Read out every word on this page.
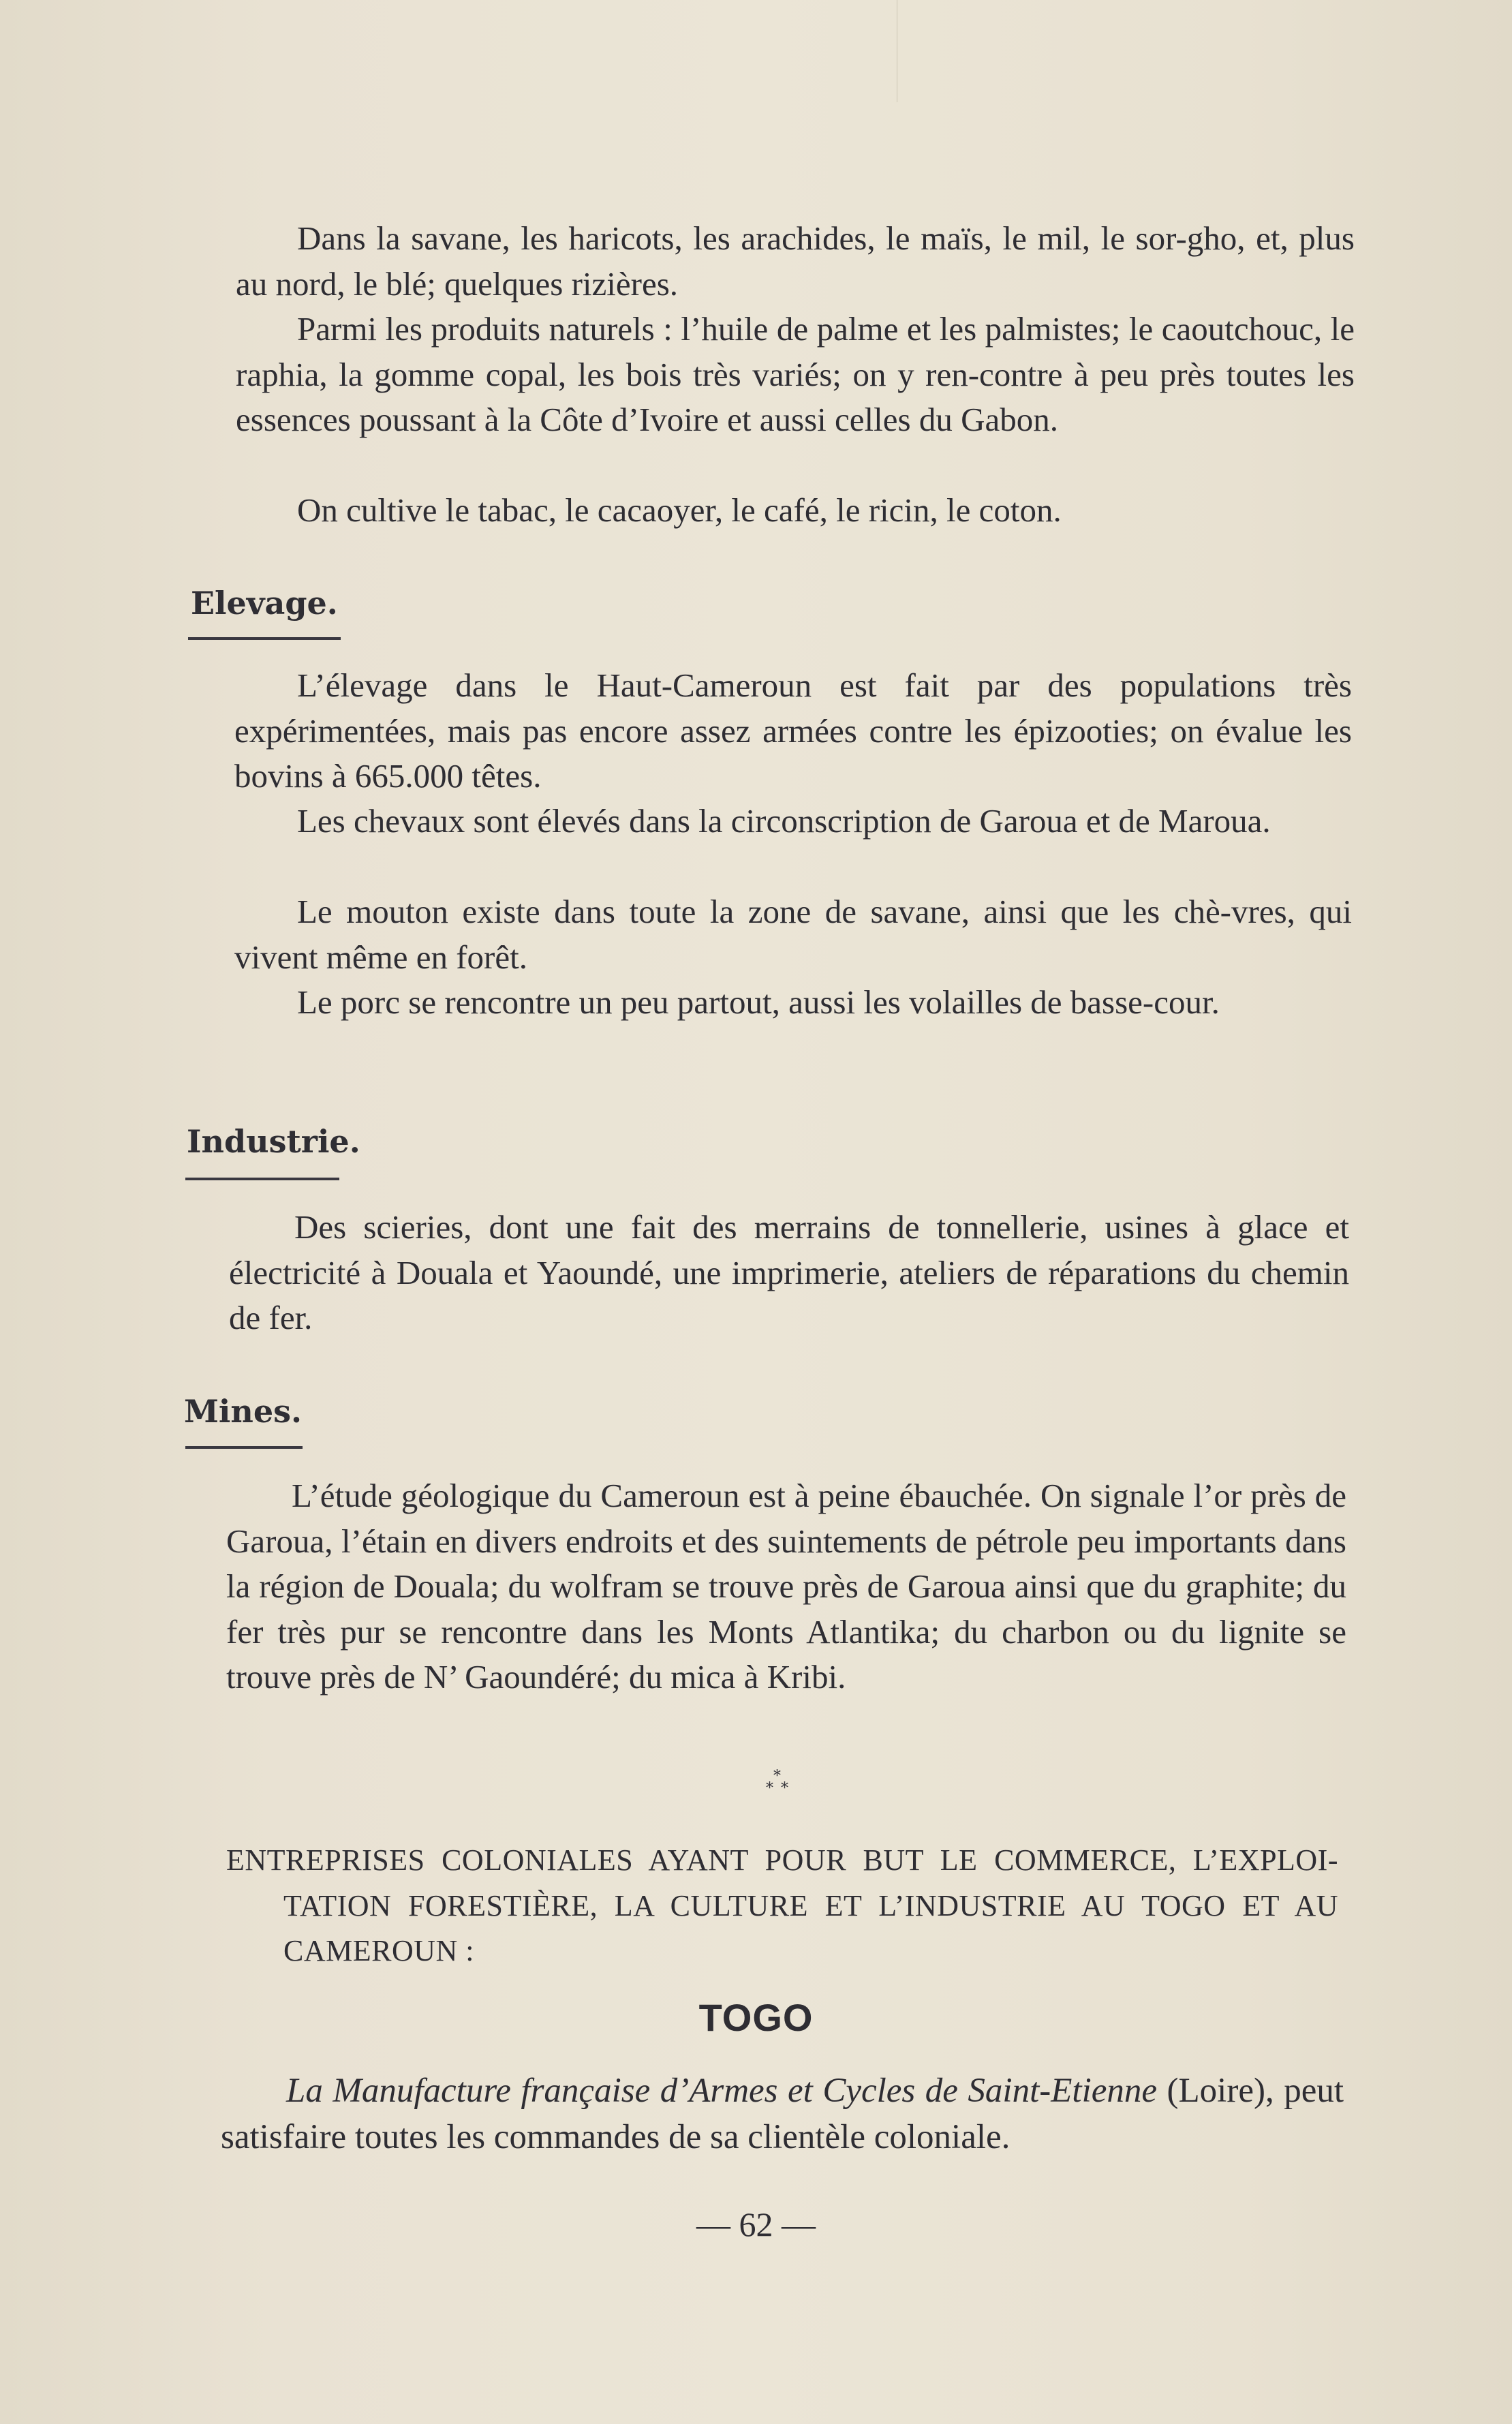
Dans la savane, les haricots, les arachides, le maïs, le mil, le sor-gho, et, plus au nord, le blé; quelques rizières.

Parmi les produits naturels : l’huile de palme et les palmistes; le caoutchouc, le raphia, la gomme copal, les bois très variés; on y ren-contre à peu près toutes les essences poussant à la Côte d’Ivoire et aussi celles du Gabon.

On cultive le tabac, le cacaoyer, le café, le ricin, le coton.

Elevage.

L’élevage dans le Haut-Cameroun est fait par des populations très expérimentées, mais pas encore assez armées contre les épizooties; on évalue les bovins à 665.000 têtes.

Les chevaux sont élevés dans la circonscription de Garoua et de Maroua.

Le mouton existe dans toute la zone de savane, ainsi que les chè-vres, qui vivent même en forêt.

Le porc se rencontre un peu partout, aussi les volailles de basse-cour.

Industrie.

Des scieries, dont une fait des merrains de tonnellerie, usines à glace et électricité à Douala et Yaoundé, une imprimerie, ateliers de réparations du chemin de fer.

Mines.

L’étude géologique du Cameroun est à peine ébauchée. On signale l’or près de Garoua, l’étain en divers endroits et des suintements de pétrole peu importants dans la région de Douala; du wolfram se trouve près de Garoua ainsi que du graphite; du fer très pur se rencontre dans les Monts Atlantika; du charbon ou du lignite se trouve près de N’ Gaoundéré; du mica à Kribi.

*
* *

ENTREPRISES COLONIALES AYANT POUR BUT LE COMMERCE, L’EXPLOI-TATION FORESTIÈRE, LA CULTURE ET L’INDUSTRIE AU TOGO ET AU CAMEROUN :

TOGO

La Manufacture française d’Armes et Cycles de Saint-Etienne (Loire), peut satisfaire toutes les commandes de sa clientèle coloniale.

— 62 —
